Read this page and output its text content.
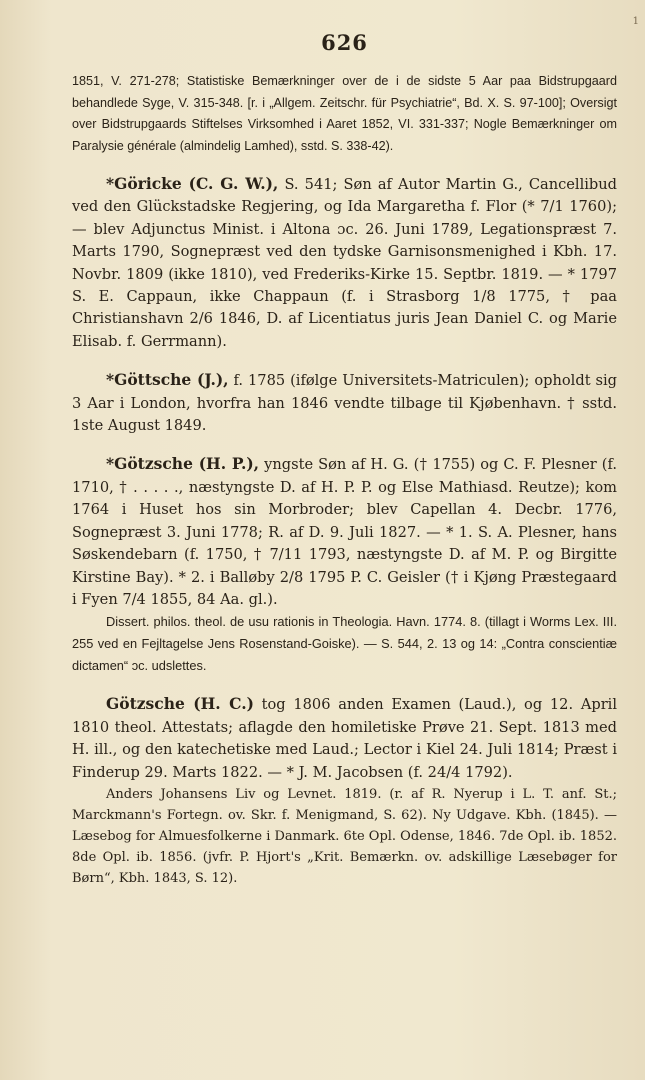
1
626

1851, V. 271-278; Statistiske Bemærkninger over de i de sidste 5 Aar paa Bidstrupgaard behandlede Syge, V. 315-348. [r. i „Allgem. Zeitschr. für Psychiatrie“, Bd. X. S. 97-100]; Oversigt over Bidstrupgaards Stiftelses Virksomhed i Aaret 1852, VI. 331-337; Nogle Bemærkninger om Paralysie générale (almindelig Lamhed), sstd. S. 338-42).

*Göricke (C. G. W.), S. 541; Søn af Autor Martin G., Cancellibud ved den Glückstadske Regjering, og Ida Margaretha f. Flor (* 7/1 1760); — blev Adjunctus Minist. i Altona ɔc. 26. Juni 1789, Legationspræst 7. Marts 1790, Sognepræst ved den tydske Garnisonsmenighed i Kbh. 17. Novbr. 1809 (ikke 1810), ved Frederiks-Kirke 15. Septbr. 1819. — * 1797 S. E. Cappaun, ikke Chappaun (f. i Strasborg 1/8 1775, † paa Christianshavn 2/6 1846, D. af Licentiatus juris Jean Daniel C. og Marie Elisab. f. Gerrmann).

*Göttsche (J.), f. 1785 (ifølge Universitets-Matriculen); opholdt sig 3 Aar i London, hvorfra han 1846 vendte tilbage til Kjøbenhavn. † sstd. 1ste August 1849.

*Götzsche (H. P.), yngste Søn af H. G. († 1755) og C. F. Plesner (f. 1710, † . . . . ., næstyngste D. af H. P. P. og Else Mathiasd. Reutze); kom 1764 i Huset hos sin Morbroder; blev Capellan 4. Decbr. 1776, Sognepræst 3. Juni 1778; R. af D. 9. Juli 1827. — * 1. S. A. Plesner, hans Søskendebarn (f. 1750, † 7/11 1793, næstyngste D. af M. P. og Birgitte Kirstine Bay). * 2. i Balløby 2/8 1795 P. C. Geisler († i Kjøng Præstegaard i Fyen 7/4 1855, 84 Aa. gl.).

Dissert. philos. theol. de usu rationis in Theologia. Havn. 1774. 8. (tillagt i Worms Lex. III. 255 ved en Fejltagelse Jens Rosenstand-Goiske). — S. 544, 2. 13 og 14: „Contra conscientiæ dictamen“ ɔc. udslettes.

Götzsche (H. C.) tog 1806 anden Examen (Laud.), og 12. April 1810 theol. Attestats; aflagde den homiletiske Prøve 21. Sept. 1813 med H. ill., og den katechetiske med Laud.; Lector i Kiel 24. Juli 1814; Præst i Finderup 29. Marts 1822. — * J. M. Jacobsen (f. 24/4 1792).

Anders Johansens Liv og Levnet. 1819. (r. af R. Nyerup i L. T. anf. St.; Marckmann's Fortegn. ov. Skr. f. Menigmand, S. 62). Ny Udgave. Kbh. (1845). — Læsebog for Almuesfolkerne i Danmark. 6te Opl. Odense, 1846. 7de Opl. ib. 1852. 8de Opl. ib. 1856. (jvfr. P. Hjort's „Krit. Bemærkn. ov. adskillige Læsebøger for Børn“, Kbh. 1843, S. 12).
